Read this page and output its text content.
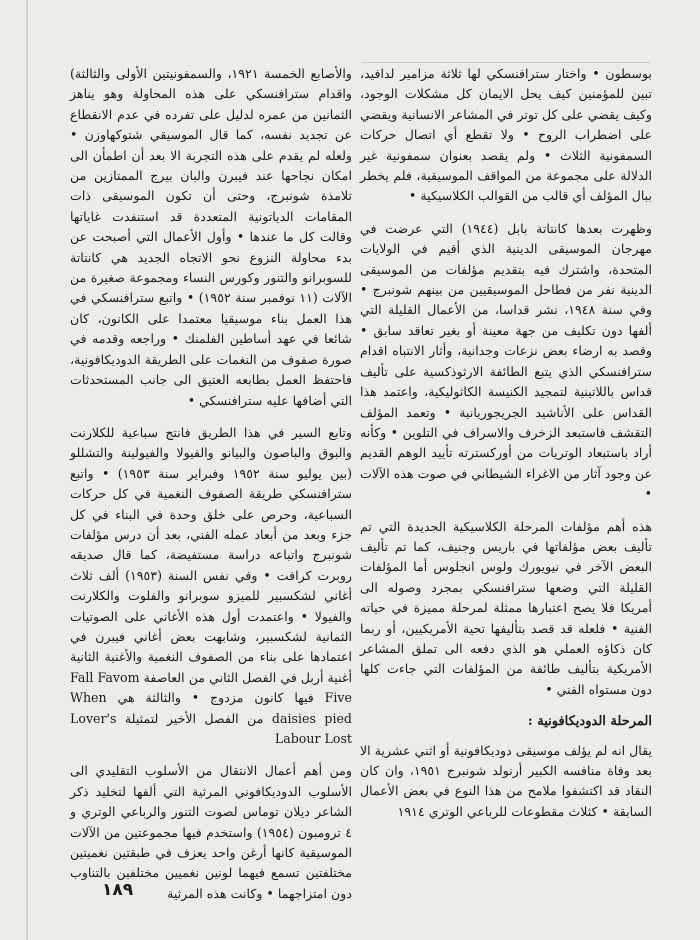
بوسطون • واختار سترافنسكي لها ثلاثة مزامير لدافيد، تبين للمؤمنين كيف يحل الايمان كل مشكلات الوجود، وكيف يقضي على كل توتر في المشاعر الانسانية ويقضي على اضطراب الروح • ولا تقطع أي اتصال حركات السمفونية الثلاث • ولم يقصد بعنوان سمفونية غير الدلالة على مجموعة من المواقف الموسيقية، فلم يخطر ببال المؤلف أي قالب من القوالب الكلاسيكية •

وظهرت بعدها كانتاتة بابل (١٩٤٤) التي عرضت في مهرجان الموسيقى الدينية الذي أقيم في الولايات المتحدة، واشترك فيه بتقديم مؤلفات من الموسيقى الدينية نفر من فطاحل الموسيقيين من بينهم شونبرج • وفي سنة ١٩٤٨، نشر قداسا، من الأعمال القليلة التي ألفها دون تكليف من جهة معينة أو بغير تعاقد سابق • وقصد به ارضاء بعض نزعات وجدانية، وأثار الانتباه اقدام سترافنسكي الذي يتبع الطائفة الارثوذكسية على تأليف قداس باللاتينية لتمجيد الكنيسة الكاثوليكية، واعتمد هذا القداس على الأناشيد الجريجوريانية • وتعمد المؤلف التقشف فاستبعد الزخرف والاسراف في التلوين • وكأنه أراد باستبعاد الوتريات من أوركسترته تأييد الوهم القديم عن وجود آثار من الاغراء الشيطاني في صوت هذه الآلات •

هذه أهم مؤلفات المرحلة الكلاسيكية الجديدة التي تم تأليف بعض مؤلفاتها في باريس وجنيف، كما تم تأليف البعض الآخر في نيويورك ولوس انجلوس أما المؤلفات القليلة التي وضعها سترافنسكي بمجرد وصوله الى أمريكا فلا يصح اعتبارها ممثلة لمرحلة مميزة في حياته الفنية • فلعله قد قصد بتأليفها تحية الأمريكيين، أو ربما كان ذكاؤه العملي هو الذي دفعه الى تملق المشاعر الأمريكية بتأليف طائفة من المؤلفات التي جاءت كلها دون مستواه الفني •

المرحلة الدوديكافونية :

يقال انه لم يؤلف موسيقى دوديكافونية أو اثني عشرية الا بعد وفاة منافسه الكبير أرنولد شونبرج ١٩٥١، وان كان النقاد قد اكتشفوا ملامح من هذا النوع في بعض الأعمال السابقة • كثلاث مقطوعات للرباعي الوتري ١٩١٤

والأصابع الخمسة ١٩٢١، والسمفونيتين الأولى والثالثة) واقدام سترافنسكي على هذه المحاولة وهو يناهز الثمانين من عمره لدليل على تفرده في عدم الانقطاع عن تجديد نفسه، كما قال الموسيقي شتوكهاوزن • ولعله لم يقدم على هذه التجربة الا بعد أن اطمأن الى امكان نجاحها عند فيبرن والبان بيرج الممتازين من تلامذة شونبرج، وحتى أن تكون الموسيقى ذات المقامات الدياتونية المتعددة قد استنفدت غاياتها وقالت كل ما عندها • وأول الأعمال التي أصبحت عن بدء محاولة النزوع نحو الاتجاه الجديد هي كانتاتة للسوبرانو والتنور وكورس النساء ومجموعة صغيرة من الآلات (١١ نوفمبر سنة ١٩٥٢) • واتبع سترافنسكي في هذا العمل بناء موسيقيا معتمدا على الكانون، كان شائعا في عهد أساطين الفلمنك • وراجعه وقدمه في صورة صفوف من النغمات على الطريقة الدوديكافونية، فاحتفظ العمل بطابعه العتيق الى جانب المستحدثات التي أضافها عليه سترافنسكي •

وتابع السير في هذا الطريق فانتج سباعية للكلارنت والبوق والباصون والبيانو والفيولا والفيولينة والتشللو (بين يوليو سنة ١٩٥٢ وفبراير سنة ١٩٥٣) • واتبع سترافنسكي طريقة الصفوف النغمية في كل حركات السباعية، وحرص على خلق وحدة في البناء في كل جزء وبعد من أبعاد عمله الفني، بعد أن درس مؤلفات شونبرج واتباعه دراسة مستفيضة، كما قال صديقه روبرت كرافت • وفي نفس السنة (١٩٥٣) ألف ثلاث أغاني لشكسبير للميزو سوبرانو والفلوت والكلارنت والفيولا • واعتمدت أول هذه الأغاني على الصوتيات الثمانية لشكسبير، وشابهت بعض أغاني فيبرن في اعتمادها على بناء من الصفوف النغمية والأغنية الثانية أغنية أربل في الفصل الثاني من العاصفة Fall Favom Five فيها كانون مزدوج • والثالثة هي When daisies pied من الفصل الأخير لتمثيلة Lover's Labour Lost

ومن أهم أعمال الانتقال من الأسلوب التقليدي الى الأسلوب الدوديكافوني المرثية التي ألفها لتخليد ذكر الشاعر ديلان توماس لصوت التنور والرباعي الوتري و ٤ ترومبون (١٩٥٤) واستخدم فيها مجموعتين من الآلات الموسيقية كانها أرغن واحد يعزف في طبقتين نغميتين مختلفتين تسمع فيهما لونين نغميين مختلفين بالتناوب دون امتزاجهما • وكانت هذه المرثية

١٨٩
